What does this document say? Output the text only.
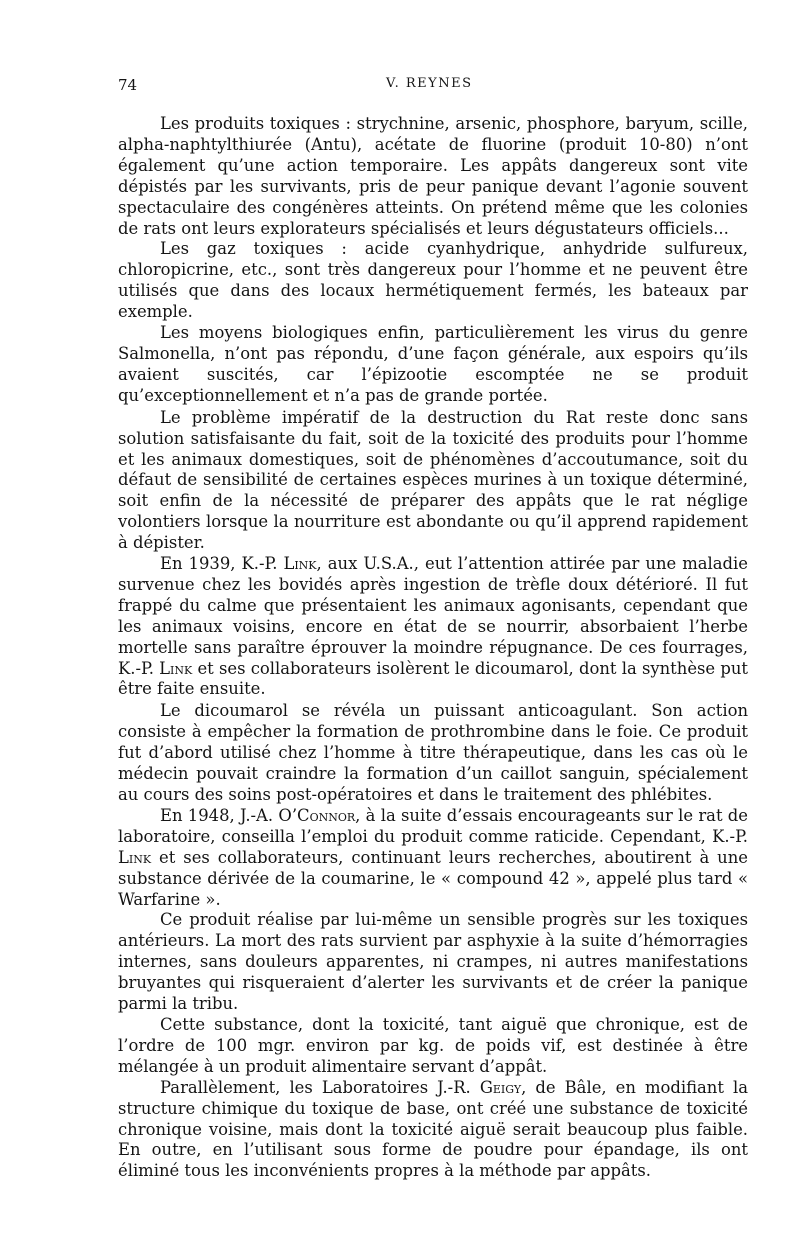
74	V. REYNES

Les produits toxiques : strychnine, arsenic, phosphore, baryum, scille, alpha-naphtylthiurée (Antu), acétate de fluorine (produit 10-80) n’ont également qu’une action temporaire. Les appâts dangereux sont vite dépistés par les survivants, pris de peur panique devant l’agonie souvent spectaculaire des congénères atteints. On prétend même que les colonies de rats ont leurs explorateurs spécialisés et leurs dégustateurs officiels...

Les gaz toxiques : acide cyanhydrique, anhydride sulfureux, chloropicrine, etc., sont très dangereux pour l’homme et ne peuvent être utilisés que dans des locaux hermétiquement fermés, les bateaux par exemple.

Les moyens biologiques enfin, particulièrement les virus du genre Salmonella, n’ont pas répondu, d’une façon générale, aux espoirs qu’ils avaient suscités, car l’épizootie escomptée ne se produit qu’exceptionnellement et n’a pas de grande portée.

Le problème impératif de la destruction du Rat reste donc sans solution satisfaisante du fait, soit de la toxicité des produits pour l’homme et les animaux domestiques, soit de phénomènes d’accoutumance, soit du défaut de sensibilité de certaines espèces murines à un toxique déterminé, soit enfin de la nécessité de préparer des appâts que le rat néglige volontiers lorsque la nourriture est abondante ou qu’il apprend rapidement à dépister.

En 1939, K.-P. Link, aux U.S.A., eut l’attention attirée par une maladie survenue chez les bovidés après ingestion de trèfle doux détérioré. Il fut frappé du calme que présentaient les animaux agonisants, cependant que les animaux voisins, encore en état de se nourrir, absorbaient l’herbe mortelle sans paraître éprouver la moindre répugnance. De ces fourrages, K.-P. Link et ses collaborateurs isolèrent le dicoumarol, dont la synthèse put être faite ensuite.

Le dicoumarol se révéla un puissant anticoagulant. Son action consiste à empêcher la formation de prothrombine dans le foie. Ce produit fut d’abord utilisé chez l’homme à titre thérapeutique, dans les cas où le médecin pouvait craindre la formation d’un caillot sanguin, spécialement au cours des soins post-opératoires et dans le traitement des phlébites.

En 1948, J.-A. O’Connor, à la suite d’essais encourageants sur le rat de laboratoire, conseilla l’emploi du produit comme raticide. Cependant, K.-P. Link et ses collaborateurs, continuant leurs recherches, aboutirent à une substance dérivée de la coumarine, le « compound 42 », appelé plus tard « Warfarine ».

Ce produit réalise par lui-même un sensible progrès sur les toxiques antérieurs. La mort des rats survient par asphyxie à la suite d’hémorragies internes, sans douleurs apparentes, ni crampes, ni autres manifestations bruyantes qui risqueraient d’alerter les survivants et de créer la panique parmi la tribu.

Cette substance, dont la toxicité, tant aiguë que chronique, est de l’ordre de 100 mgr. environ par kg. de poids vif, est destinée à être mélangée à un produit alimentaire servant d’appât.

Parallèlement, les Laboratoires J.-R. Geigy, de Bâle, en modifiant la structure chimique du toxique de base, ont créé une substance de toxicité chronique voisine, mais dont la toxicité aiguë serait beaucoup plus faible. En outre, en l’utilisant sous forme de poudre pour épandage, ils ont éliminé tous les inconvénients propres à la méthode par appâts.
